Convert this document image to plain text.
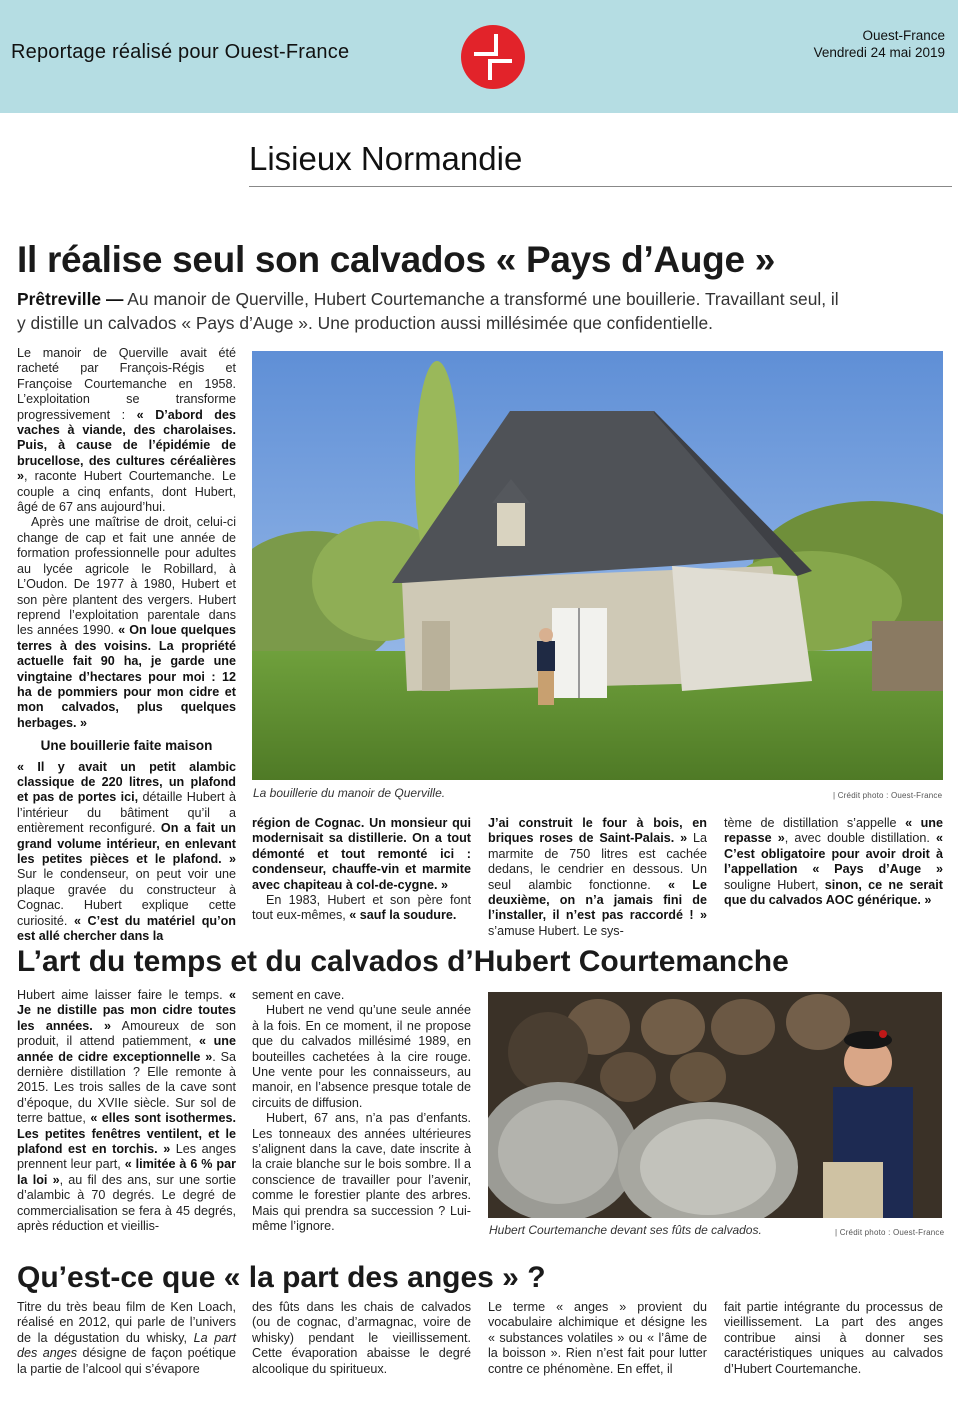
Reportage réalisé pour Ouest-France
Ouest-France
Vendredi 24 mai 2019
Lisieux Normandie
Il réalise seul son calvados « Pays d’Auge »
Prêtreville — Au manoir de Querville, Hubert Courtemanche a transformé une bouillerie. Travaillant seul, il y distille un calvados « Pays d’Auge ». Une production aussi millésimée que confidentielle.

Le manoir de Querville avait été racheté par François-Régis et Françoise Courtemanche en 1958. L’exploitation se transforme progressivement : « D’abord des vaches à viande, des charolaises. Puis, à cause de l’épidémie de brucellose, des cultures céréalières », raconte Hubert Courtemanche. Le couple a cinq enfants, dont Hubert, âgé de 67 ans aujourd’hui.

Après une maîtrise de droit, celui-ci change de cap et fait une année de formation professionnelle pour adultes au lycée agricole le Robillard, à L’Oudon. De 1977 à 1980, Hubert et son père plantent des vergers. Hubert reprend l’exploitation parentale dans les années 1990. « On loue quelques terres à des voisins. La propriété actuelle fait 90 ha, je garde une vingtaine d’hectares pour moi : 12 ha de pommiers pour mon cidre et mon calvados, plus quelques herbages. »

Une bouillerie faite maison

« Il y avait un petit alambic classique de 220 litres, un plafond et pas de portes ici, détaille Hubert à l’intérieur du bâtiment qu’il a entièrement reconfiguré. On a fait un grand volume intérieur, en enlevant les petites pièces et le plafond. » Sur le condenseur, on peut voir une plaque gravée du constructeur à Cognac. Hubert explique cette curiosité. « C’est du matériel qu’on est allé chercher dans la

La bouillerie du manoir de Querville.	| Crédit photo : Ouest-France

région de Cognac. Un monsieur qui modernisait sa distillerie. On a tout démonté et tout remonté ici : condenseur, chauffe-vin et marmite avec chapiteau à col-de-cygne. »

En 1983, Hubert et son père font tout eux-mêmes, « sauf la soudure.

J’ai construit le four à bois, en briques roses de Saint-Palais. » La marmite de 750 litres est cachée dedans, le cendrier en dessous. Un seul alambic fonctionne. « Le deuxième, on n’a jamais fini de l’installer, il n’est pas raccordé ! » s’amuse Hubert. Le sys-

tème de distillation s’appelle « une repasse », avec double distillation. « C’est obligatoire pour avoir droit à l’appellation « Pays d’Auge » souligne Hubert, sinon, ce ne serait que du calvados AOC générique. »

L’art du temps et du calvados d’Hubert Courtemanche

Hubert aime laisser faire le temps. « Je ne distille pas mon cidre toutes les années. » Amoureux de son produit, il attend patiemment, « une année de cidre exceptionnelle ». Sa dernière distillation ? Elle remonte à 2015. Les trois salles de la cave sont d’époque, du XVIIe siècle. Sur sol de terre battue, « elles sont isothermes. Les petites fenêtres ventilent, et le plafond est en torchis. » Les anges prennent leur part, « limitée à 6 % par la loi », au fil des ans, sur une sortie d’alambic à 70 degrés. Le degré de commercialisation se fera à 45 degrés, après réduction et vieillis-

sement en cave.

Hubert ne vend qu’une seule année à la fois. En ce moment, il ne propose que du calvados millésimé 1989, en bouteilles cachetées à la cire rouge. Une vente pour les connaisseurs, au manoir, en l’absence presque totale de circuits de diffusion.

Hubert, 67 ans, n’a pas d’enfants. Les tonneaux des années ultérieures s’alignent dans la cave, date inscrite à la craie blanche sur le bois sombre. Il a conscience de travailler pour l’avenir, comme le forestier plante des arbres. Mais qui prendra sa succession ? Lui-même l’ignore.	Hubert Courtemanche devant ses fûts de calvados.	| Crédit photo : Ouest-France
Qu’est-ce que « la part des anges » ?

Titre du très beau film de Ken Loach, réalisé en 2012, qui parle de l’univers de la dégustation du whisky, La part des anges désigne de façon poétique la partie de l’alcool qui s’évapore

des fûts dans les chais de calvados (ou de cognac, d’armagnac, voire de whisky) pendant le vieillissement. Cette évaporation abaisse le degré alcoolique du spiritueux.

Le terme « anges » provient du vocabulaire alchimique et désigne les « substances volatiles » ou « l’âme de la boisson ». Rien n’est fait pour lutter contre ce phénomène. En effet, il

fait partie intégrante du processus de vieillissement. La part des anges contribue ainsi à donner ses caractéristiques uniques au calvados d’Hubert Courtemanche.
